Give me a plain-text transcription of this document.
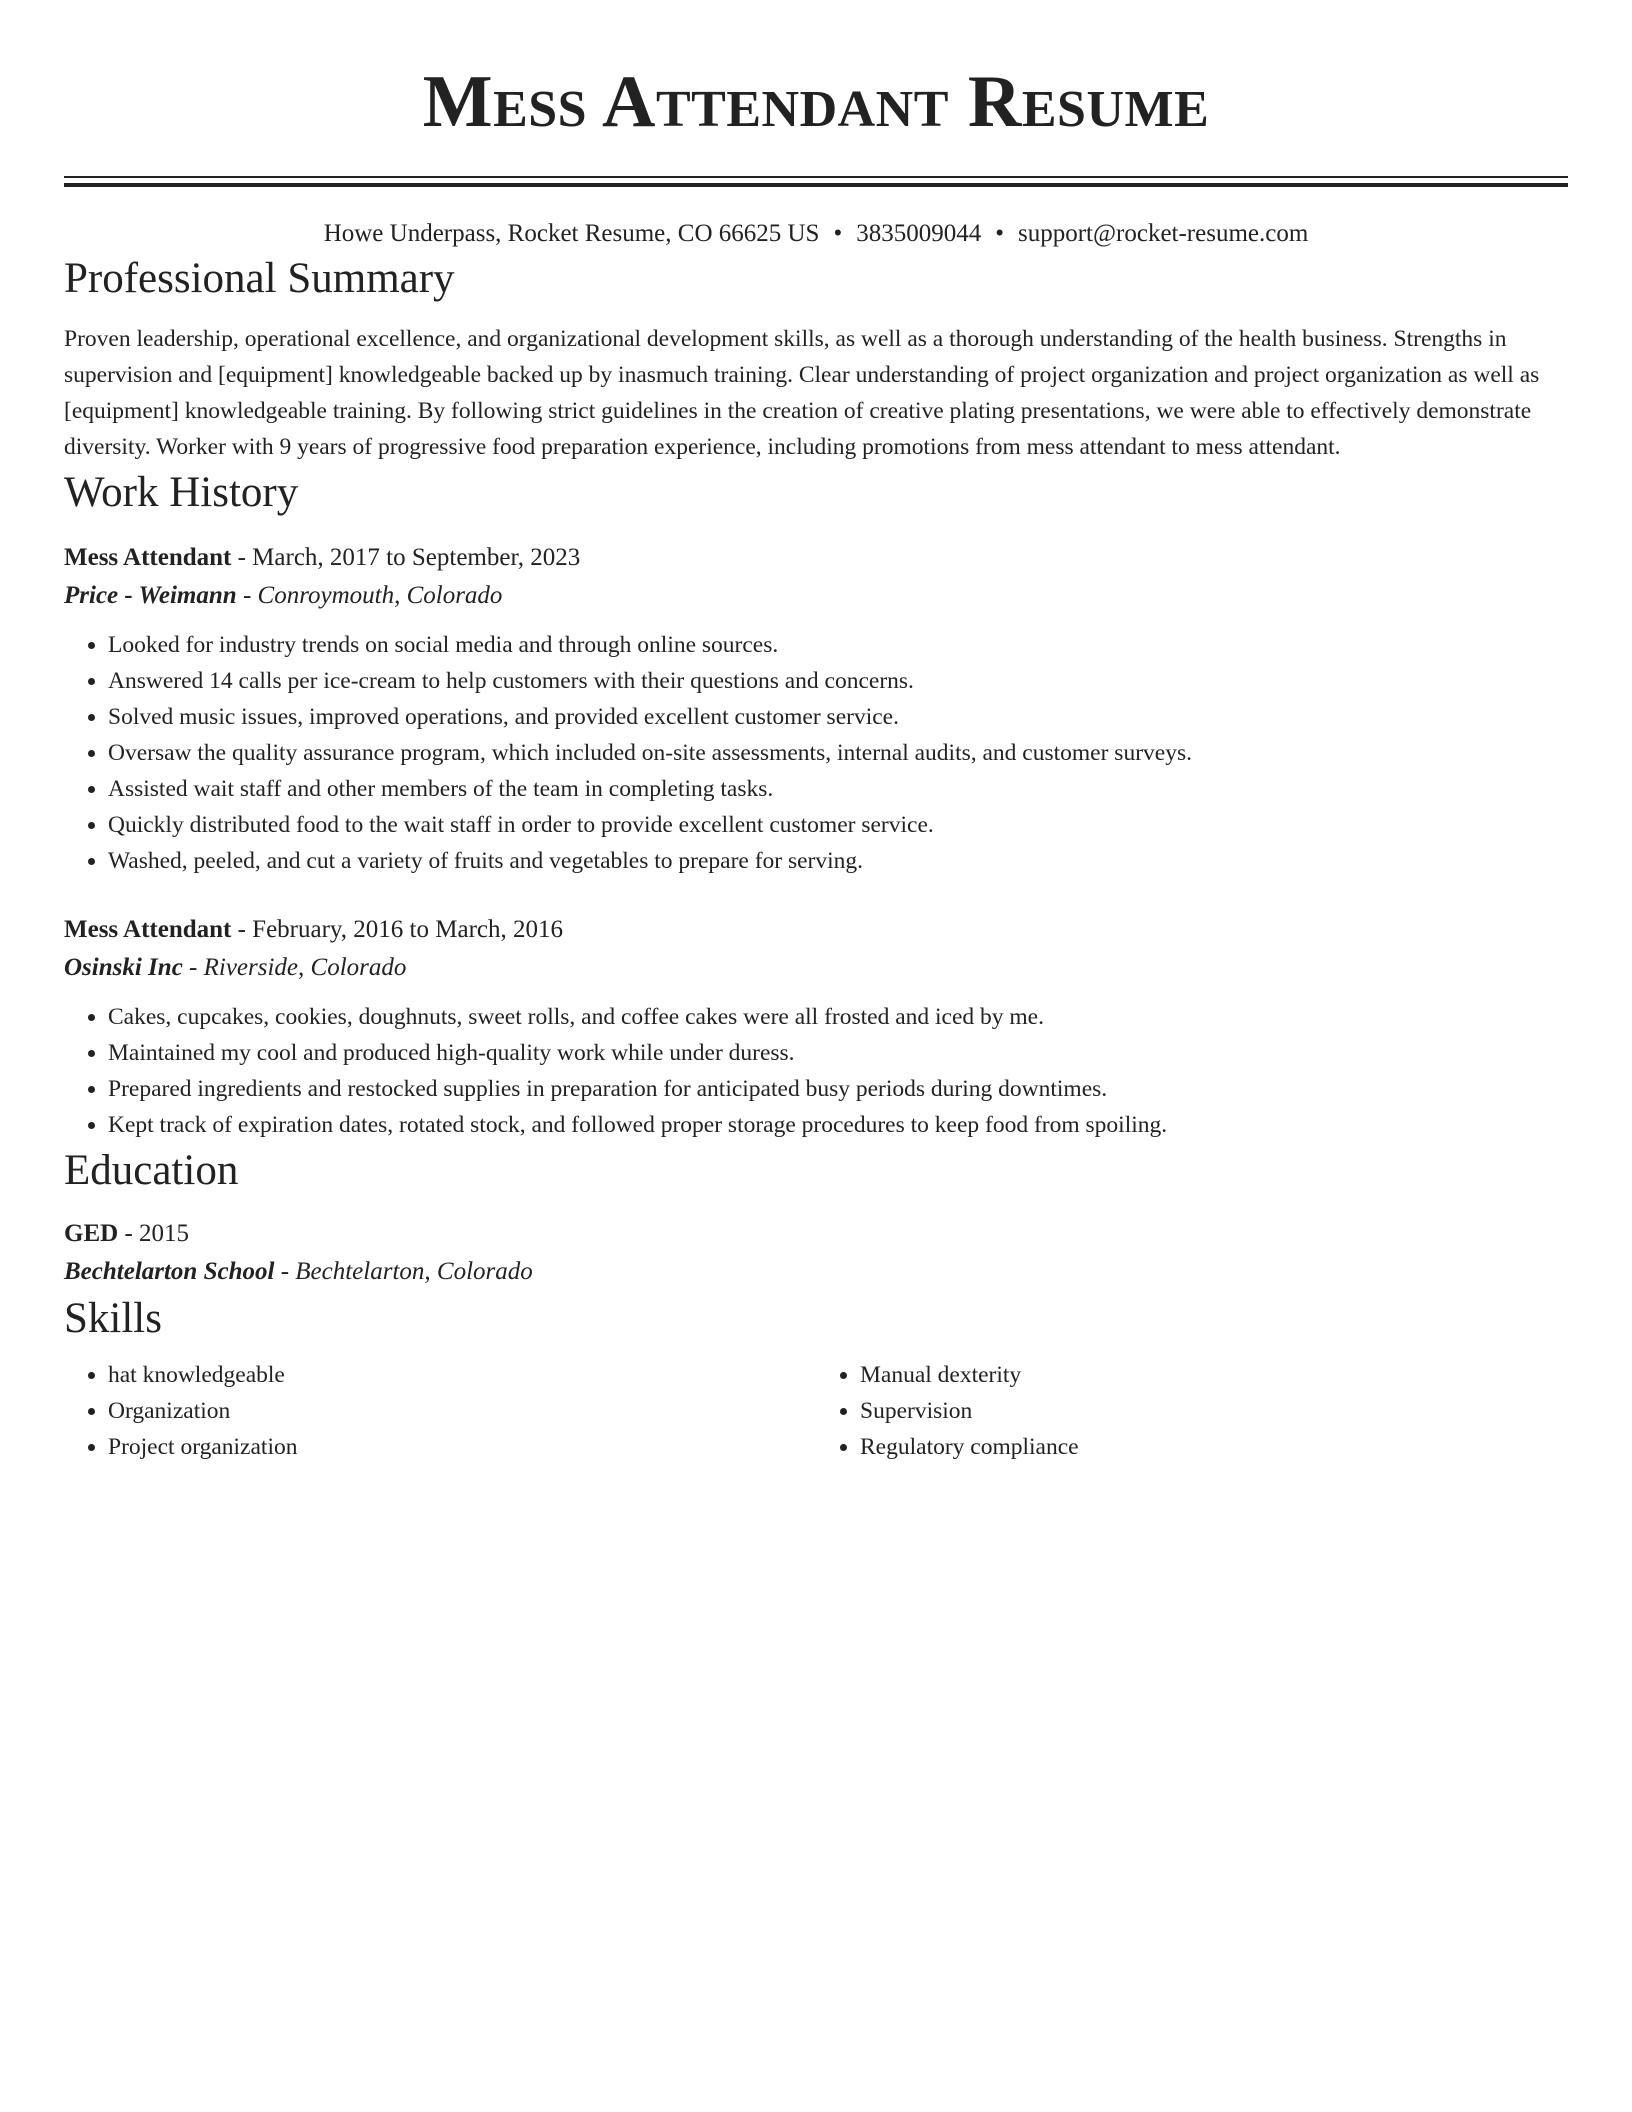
Mess Attendant Resume
Howe Underpass, Rocket Resume, CO 66625 US • 3835009044 • support@rocket-resume.com
Professional Summary

Proven leadership, operational excellence, and organizational development skills, as well as a thorough understanding of the health business. Strengths in supervision and [equipment] knowledgeable backed up by inasmuch training. Clear understanding of project organization and project organization as well as [equipment] knowledgeable training. By following strict guidelines in the creation of creative plating presentations, we were able to effectively demonstrate diversity. Worker with 9 years of progressive food preparation experience, including promotions from mess attendant to mess attendant.

Work History
Mess Attendant - March, 2017 to September, 2023
Price - Weimann - Conroymouth, Colorado
• Looked for industry trends on social media and through online sources.
• Answered 14 calls per ice-cream to help customers with their questions and concerns.
• Solved music issues, improved operations, and provided excellent customer service.
• Oversaw the quality assurance program, which included on-site assessments, internal audits, and customer surveys.
• Assisted wait staff and other members of the team in completing tasks.
• Quickly distributed food to the wait staff in order to provide excellent customer service.
• Washed, peeled, and cut a variety of fruits and vegetables to prepare for serving.
Mess Attendant - February, 2016 to March, 2016
Osinski Inc - Riverside, Colorado
• Cakes, cupcakes, cookies, doughnuts, sweet rolls, and coffee cakes were all frosted and iced by me.
• Maintained my cool and produced high-quality work while under duress.
• Prepared ingredients and restocked supplies in preparation for anticipated busy periods during downtimes.
• Kept track of expiration dates, rotated stock, and followed proper storage procedures to keep food from spoiling.
Education
GED - 2015
Bechtelarton School - Bechtelarton, Colorado
Skills
• hat knowledgeable
• Organization
• Project organization
• Manual dexterity
• Supervision
• Regulatory compliance
